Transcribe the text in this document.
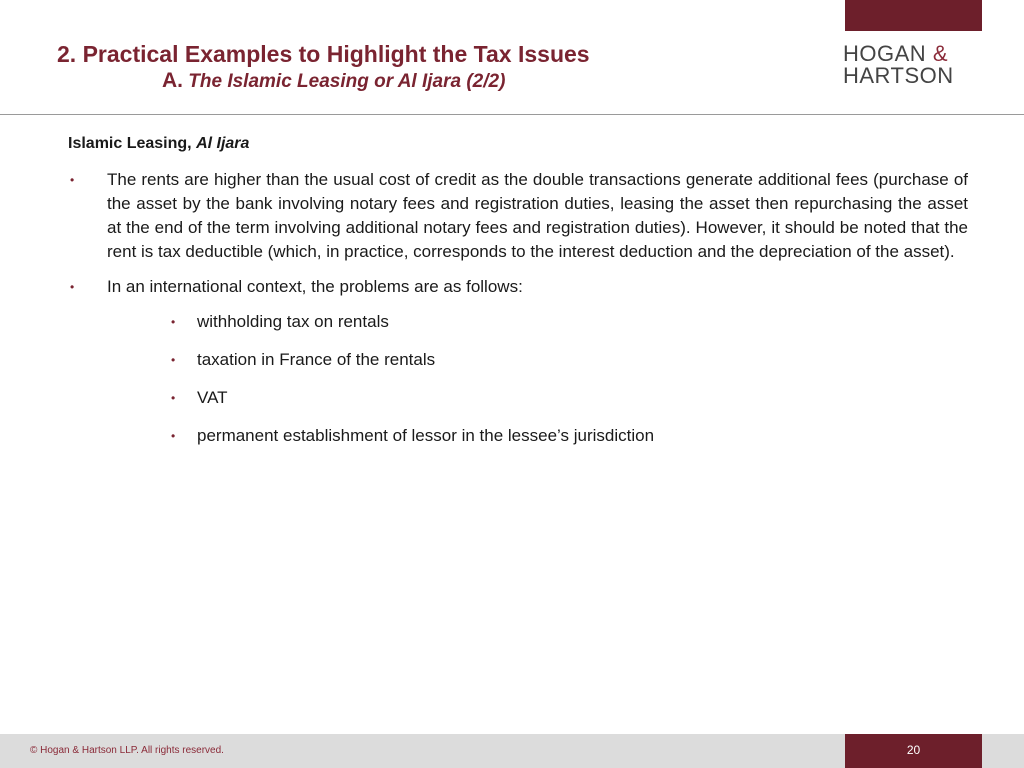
2. Practical Examples to Highlight the Tax Issues
A. The Islamic Leasing or Al Ijara (2/2)
HOGAN &
HARTSON
Islamic Leasing, Al Ijara
• The rents are higher than the usual cost of credit as the double transactions generate additional fees (purchase of the asset by the bank involving notary fees and registration duties, leasing the asset then repurchasing the asset at the end of the term involving additional notary fees and registration duties). However, it should be noted that the rent is tax deductible (which, in practice, corresponds to the interest deduction and the depreciation of the asset).
• In an international context, the problems are as follows:
• withholding tax on rentals
• taxation in France of the rentals
• VAT
• permanent establishment of lessor in the lessee’s jurisdiction
© Hogan & Hartson LLP. All rights reserved.	20
